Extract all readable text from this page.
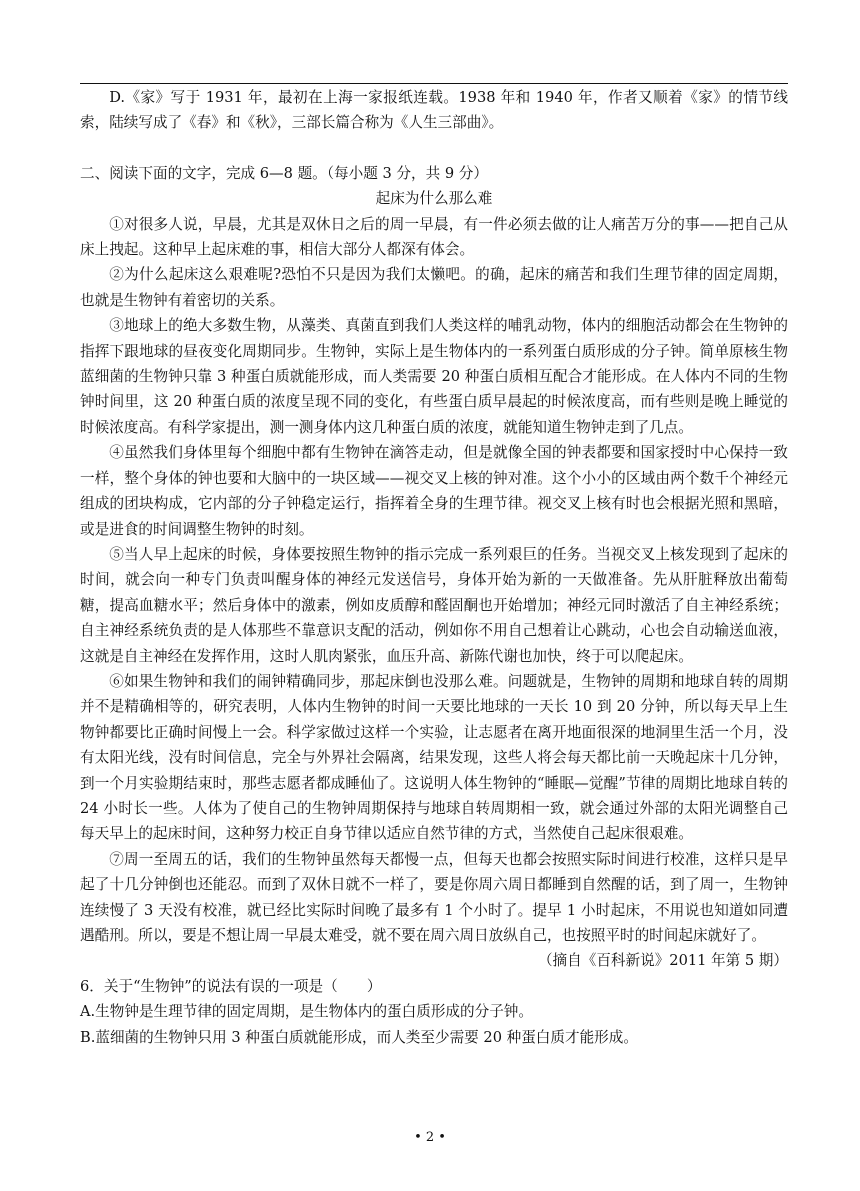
D.《家》写于 1931 年，最初在上海一家报纸连载。1938 年和 1940 年，作者又顺着《家》的情节线索，陆续写成了《春》和《秋》，三部长篇合称为《人生三部曲》。

二、阅读下面的文字，完成 6—8 题。（每小题 3 分，共 9 分）

起床为什么那么难

①对很多人说，早晨，尤其是双休日之后的周一早晨，有一件必须去做的让人痛苦万分的事——把自己从床上拽起。这种早上起床难的事，相信大部分人都深有体会。

②为什么起床这么艰难呢?恐怕不只是因为我们太懒吧。的确，起床的痛苦和我们生理节律的固定周期，也就是生物钟有着密切的关系。

③地球上的绝大多数生物，从藻类、真菌直到我们人类这样的哺乳动物，体内的细胞活动都会在生物钟的指挥下跟地球的昼夜变化周期同步。生物钟，实际上是生物体内的一系列蛋白质形成的分子钟。简单原核生物蓝细菌的生物钟只靠 3 种蛋白质就能形成，而人类需要 20 种蛋白质相互配合才能形成。在人体内不同的生物钟时间里，这 20 种蛋白质的浓度呈现不同的变化，有些蛋白质早晨起的时候浓度高，而有些则是晚上睡觉的时候浓度高。有科学家提出，测一测身体内这几种蛋白质的浓度，就能知道生物钟走到了几点。

④虽然我们身体里每个细胞中都有生物钟在滴答走动，但是就像全国的钟表都要和国家授时中心保持一致一样，整个身体的钟也要和大脑中的一块区域——视交叉上核的钟对准。这个小小的区域由两个数千个神经元组成的团块构成，它内部的分子钟稳定运行，指挥着全身的生理节律。视交叉上核有时也会根据光照和黑暗，或是进食的时间调整生物钟的时刻。

⑤当人早上起床的时候，身体要按照生物钟的指示完成一系列艰巨的任务。当视交叉上核发现到了起床的时间，就会向一种专门负责叫醒身体的神经元发送信号，身体开始为新的一天做准备。先从肝脏释放出葡萄糖，提高血糖水平；然后身体中的激素，例如皮质醇和醛固酮也开始增加；神经元同时激活了自主神经系统；自主神经系统负责的是人体那些不靠意识支配的活动，例如你不用自己想着让心跳动，心也会自动输送血液，这就是自主神经在发挥作用，这时人肌肉紧张，血压升高、新陈代谢也加快，终于可以爬起床。

⑥如果生物钟和我们的闹钟精确同步，那起床倒也没那么难。问题就是，生物钟的周期和地球自转的周期并不是精确相等的，研究表明，人体内生物钟的时间一天要比地球的一天长 10 到 20 分钟，所以每天早上生物钟都要比正确时间慢上一会。科学家做过这样一个实验，让志愿者在离开地面很深的地洞里生活一个月，没有太阳光线，没有时间信息，完全与外界社会隔离，结果发现，这些人将会每天都比前一天晚起床十几分钟，到一个月实验期结束时，那些志愿者都成睡仙了。这说明人体生物钟的“睡眠—觉醒”节律的周期比地球自转的 24 小时长一些。人体为了使自己的生物钟周期保持与地球自转周期相一致，就会通过外部的太阳光调整自己每天早上的起床时间，这种努力校正自身节律以适应自然节律的方式，当然使自己起床很艰难。

⑦周一至周五的话，我们的生物钟虽然每天都慢一点，但每天也都会按照实际时间进行校准，这样只是早起了十几分钟倒也还能忍。而到了双休日就不一样了，要是你周六周日都睡到自然醒的话，到了周一，生物钟连续慢了 3 天没有校准，就已经比实际时间晚了最多有 1 个小时了。提早 1 小时起床，不用说也知道如同遭遇酷刑。所以，要是不想让周一早晨太难受，就不要在周六周日放纵自己，也按照平时的时间起床就好了。

（摘自《百科新说》2011 年第 5 期）

6．关于“生物钟”的说法有误的一项是（　　）

A.生物钟是生理节律的固定周期，是生物体内的蛋白质形成的分子钟。

B.蓝细菌的生物钟只用 3 种蛋白质就能形成，而人类至少需要 20 种蛋白质才能形成。

• 2 •
